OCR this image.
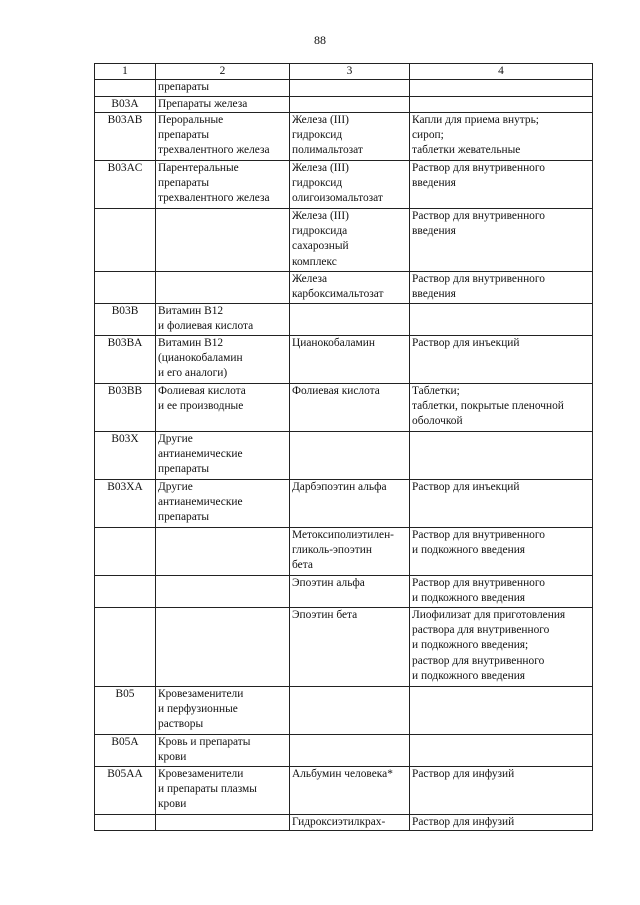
88
1	2	3	4
	препараты		
B03A	Препараты железа		
B03AB	Пероральные
препараты
трехвалентного железа	Железа (III)
гидроксид
полимальтозат	Капли для приема внутрь;
сироп;
таблетки жевательные
B03AC	Парентеральные
препараты
трехвалентного железа	Железа (III)
гидроксид
олигоизомальтозат	Раствор для внутривенного
введения
		Железа (III)
гидроксида
сахарозный
комплекс	Раствор для внутривенного
введения
		Железа
карбоксимальтозат	Раствор для внутривенного
введения
B03B	Витамин B12
и фолиевая кислота		
B03BA	Витамин B12
(цианокобаламин
и его аналоги)	Цианокобаламин	Раствор для инъекций
B03BB	Фолиевая кислота
и ее производные	Фолиевая кислота	Таблетки;
таблетки, покрытые пленочной
оболочкой
B03X	Другие
антианемические
препараты		
B03XA	Другие
антианемические
препараты	Дарбэпоэтин альфа	Раствор для инъекций
		Метоксиполиэтилен-
гликоль-эпоэтин
бета	Раствор для внутривенного
и подкожного введения
		Эпоэтин альфа	Раствор для внутривенного
и подкожного введения
		Эпоэтин бета	Лиофилизат для приготовления
раствора для внутривенного
и подкожного введения;
раствор для внутривенного
и подкожного введения
B05	Кровезаменители
и перфузионные
растворы		
B05A	Кровь и препараты
крови		
B05AA	Кровезаменители
и препараты плазмы
крови	Альбумин человека*	Раствор для инфузий
		Гидроксиэтилкрах-	Раствор для инфузий
